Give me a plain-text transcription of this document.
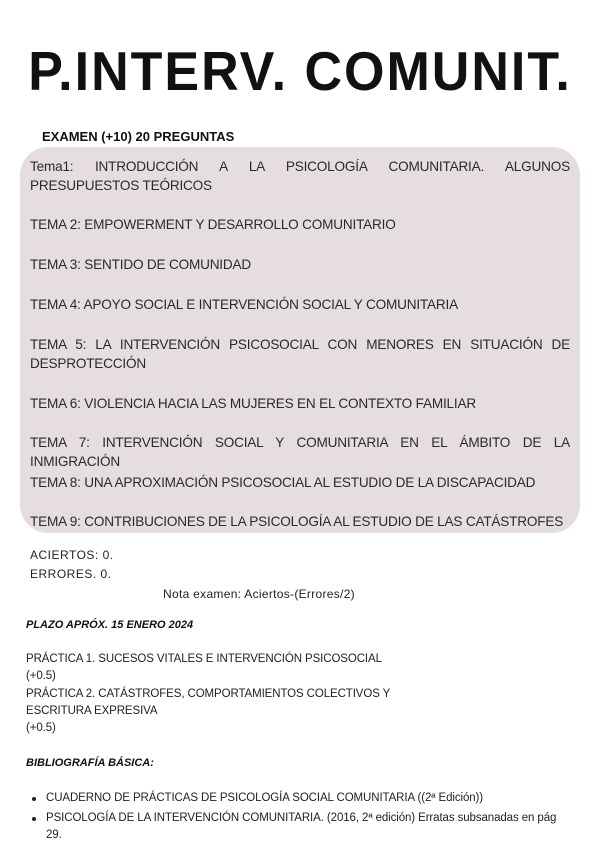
P.INTERV. COMUNIT.
EXAMEN (+10) 20 PREGUNTAS
Tema1: INTRODUCCIÓN A LA PSICOLOGÍA COMUNITARIA. ALGUNOS PRESUPUESTOS TEÓRICOS
TEMA 2: EMPOWERMENT Y DESARROLLO COMUNITARIO
TEMA 3: SENTIDO DE COMUNIDAD
TEMA 4: APOYO SOCIAL E INTERVENCIÓN SOCIAL Y COMUNITARIA
TEMA 5: LA INTERVENCIÓN PSICOSOCIAL CON MENORES EN SITUACIÓN DE DESPROTECCIÓN
TEMA 6: VIOLENCIA HACIA LAS MUJERES EN EL CONTEXTO FAMILIAR
TEMA 7: INTERVENCIÓN SOCIAL Y COMUNITARIA EN EL ÁMBITO DE LA INMIGRACIÓN
TEMA 8: UNA APROXIMACIÓN PSICOSOCIAL AL ESTUDIO DE LA DISCAPACIDAD
TEMA 9: CONTRIBUCIONES DE LA PSICOLOGÍA AL ESTUDIO DE LAS CATÁSTROFES
ACIERTOS: 0.
ERRORES. 0.
Nota examen: Aciertos-(Errores/2)
PLAZO APRÓX. 15 ENERO 2024
PRÁCTICA 1. SUCESOS VITALES E INTERVENCIÓN PSICOSOCIAL
(+0.5)
PRÁCTICA 2. CATÁSTROFES, COMPORTAMIENTOS COLECTIVOS Y
ESCRITURA EXPRESIVA
(+0.5)
BIBLIOGRAFÍA BÁSICA:
CUADERNO DE PRÁCTICAS DE PSICOLOGÍA SOCIAL COMUNITARIA ((2ª Edición))
PSICOLOGÍA DE LA INTERVENCIÓN COMUNITARIA. (2016, 2ª edición) Erratas subsanadas en pág 29.
